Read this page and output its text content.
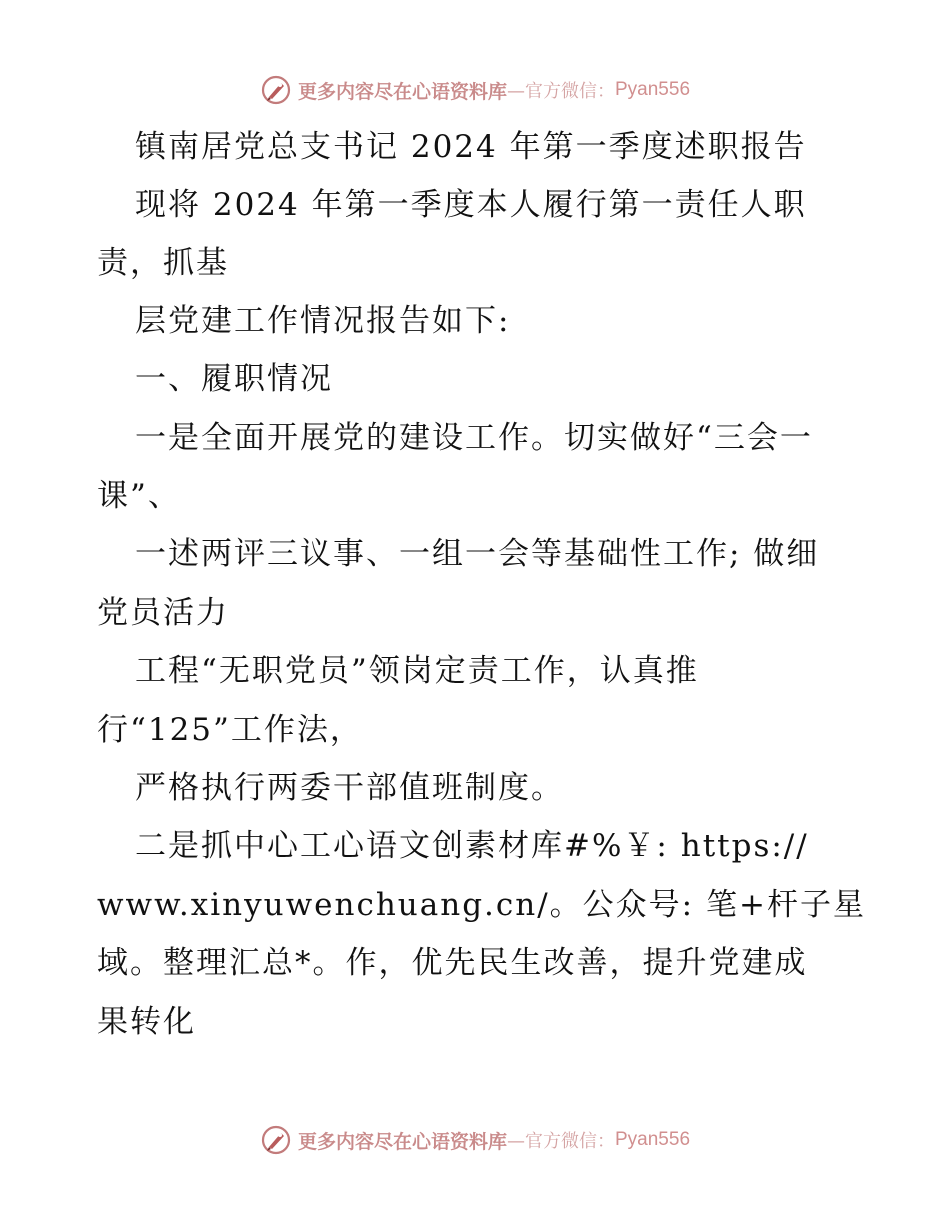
更多内容尽在心语资料库 —官方微信： Pyan556
镇南居党总支书记 2024 年第一季度述职报告
现将 2024 年第一季度本人履行第一责任人职
责，抓基
层党建工作情况报告如下:
一、履职情况
一是全面开展党的建设工作。切实做好“三会一
课”、
一述两评三议事、一组一会等基础性工作; 做细
党员活力
工程“无职党员”领岗定责工作，认真推
行“125”工作法，
严格执行两委干部值班制度。
二是抓中心工心语文创素材库#%￥: https://
www.xinyuwenchuang.cn/。公众号: 笔+杆子星
域。整理汇总*。作，优先民生改善，提升党建成
果转化
更多内容尽在心语资料库 —官方微信： Pyan556
